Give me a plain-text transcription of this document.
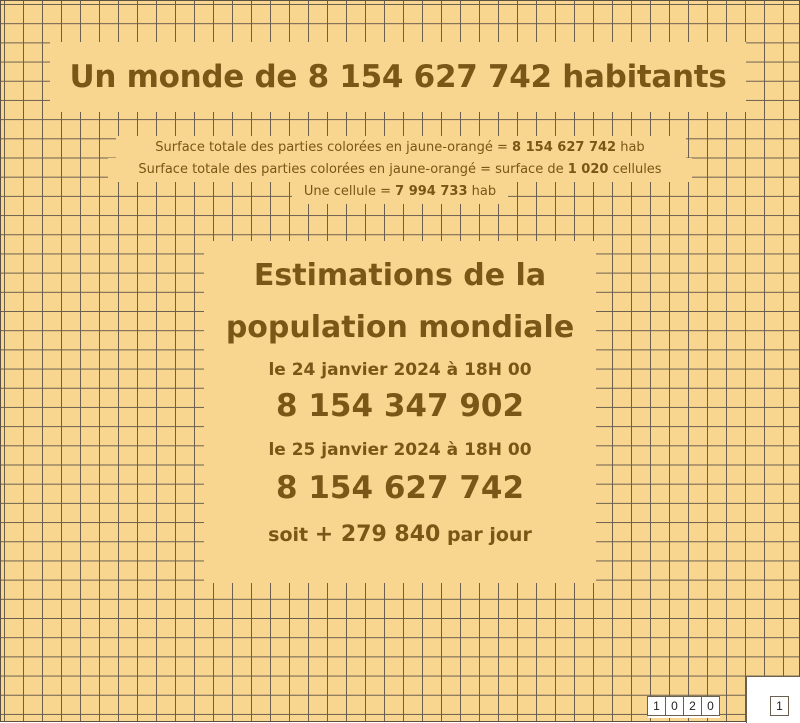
Un monde de 8 154 627 742 habitants
Surface totale des parties colorées en jaune-orangé = 8 154 627 742 hab
Surface totale des parties colorées en jaune-orangé = surface de 1 020 cellules
Une cellule = 7 994 733 hab
Estimations de la
population mondiale
le 24 janvier 2024 à 18H 00
8 154 347 902
le 25 janvier 2024 à 18H 00
8 154 627 742
soit + 279 840 par jour
1 0 2 0	1
